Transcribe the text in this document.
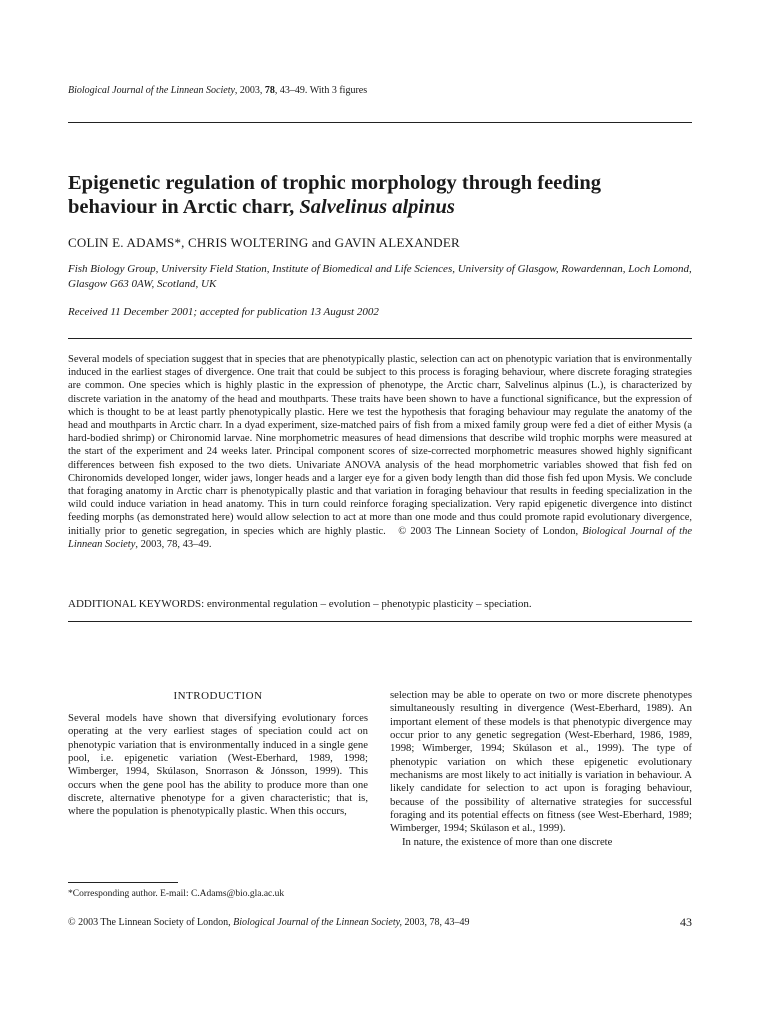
Biological Journal of the Linnean Society, 2003, 78, 43–49. With 3 figures
Epigenetic regulation of trophic morphology through feeding behaviour in Arctic charr, Salvelinus alpinus
COLIN E. ADAMS*, CHRIS WOLTERING and GAVIN ALEXANDER
Fish Biology Group, University Field Station, Institute of Biomedical and Life Sciences, University of Glasgow, Rowardennan, Loch Lomond, Glasgow G63 0AW, Scotland, UK
Received 11 December 2001; accepted for publication 13 August 2002
Several models of speciation suggest that in species that are phenotypically plastic, selection can act on phenotypic variation that is environmentally induced in the earliest stages of divergence. One trait that could be subject to this process is foraging behaviour, where discrete foraging strategies are common. One species which is highly plastic in the expression of phenotype, the Arctic charr, Salvelinus alpinus (L.), is characterized by discrete variation in the anatomy of the head and mouthparts. These traits have been shown to have a functional significance, but the expression of which is thought to be at least partly phenotypically plastic. Here we test the hypothesis that foraging behaviour may regulate the anatomy of the head and mouthparts in Arctic charr. In a dyad experiment, size-matched pairs of fish from a mixed family group were fed a diet of either Mysis (a hard-bodied shrimp) or Chironomid larvae. Nine morphometric measures of head dimensions that describe wild trophic morphs were measured at the start of the experiment and 24 weeks later. Principal component scores of size-corrected morphometric measures showed highly significant differences between fish exposed to the two diets. Univariate ANOVA analysis of the head morphometric variables showed that fish fed on Chironomids developed longer, wider jaws, longer heads and a larger eye for a given body length than did those fish fed upon Mysis. We conclude that foraging anatomy in Arctic charr is phenotypically plastic and that variation in foraging behaviour that results in feeding specialization in the wild could induce variation in head anatomy. This in turn could reinforce foraging specialization. Very rapid epigenetic divergence into distinct feeding morphs (as demonstrated here) would allow selection to act at more than one mode and thus could promote rapid evolutionary divergence, initially prior to genetic segregation, in species which are highly plastic. © 2003 The Linnean Society of London, Biological Journal of the Linnean Society, 2003, 78, 43–49.
ADDITIONAL KEYWORDS: environmental regulation – evolution – phenotypic plasticity – speciation.
INTRODUCTION

Several models have shown that diversifying evolutionary forces operating at the very earliest stages of speciation could act on phenotypic variation that is environmentally induced in a single gene pool, i.e. epigenetic variation (West-Eberhard, 1989, 1998; Wimberger, 1994, Skúlason, Snorrason & Jónsson, 1999). This occurs when the gene pool has the ability to produce more than one discrete, alternative phenotype for a given characteristic; that is, where the population is phenotypically plastic. When this occurs,

selection may be able to operate on two or more discrete phenotypes simultaneously resulting in divergence (West-Eberhard, 1989). An important element of these models is that phenotypic divergence may occur prior to any genetic segregation (West-Eberhard, 1986, 1989, 1998; Wimberger, 1994; Skúlason et al., 1999). The type of phenotypic variation on which these epigenetic evolutionary mechanisms are most likely to act initially is variation in behaviour. A likely candidate for selection to act upon is foraging behaviour, because of the possibility of alternative strategies for successful foraging and its potential effects on fitness (see West-Eberhard, 1989; Wimberger, 1994; Skúlason et al., 1999).

In nature, the existence of more than one discrete

*Corresponding author. E-mail: C.Adams@bio.gla.ac.uk
© 2003 The Linnean Society of London, Biological Journal of the Linnean Society, 2003, 78, 43–49	43
